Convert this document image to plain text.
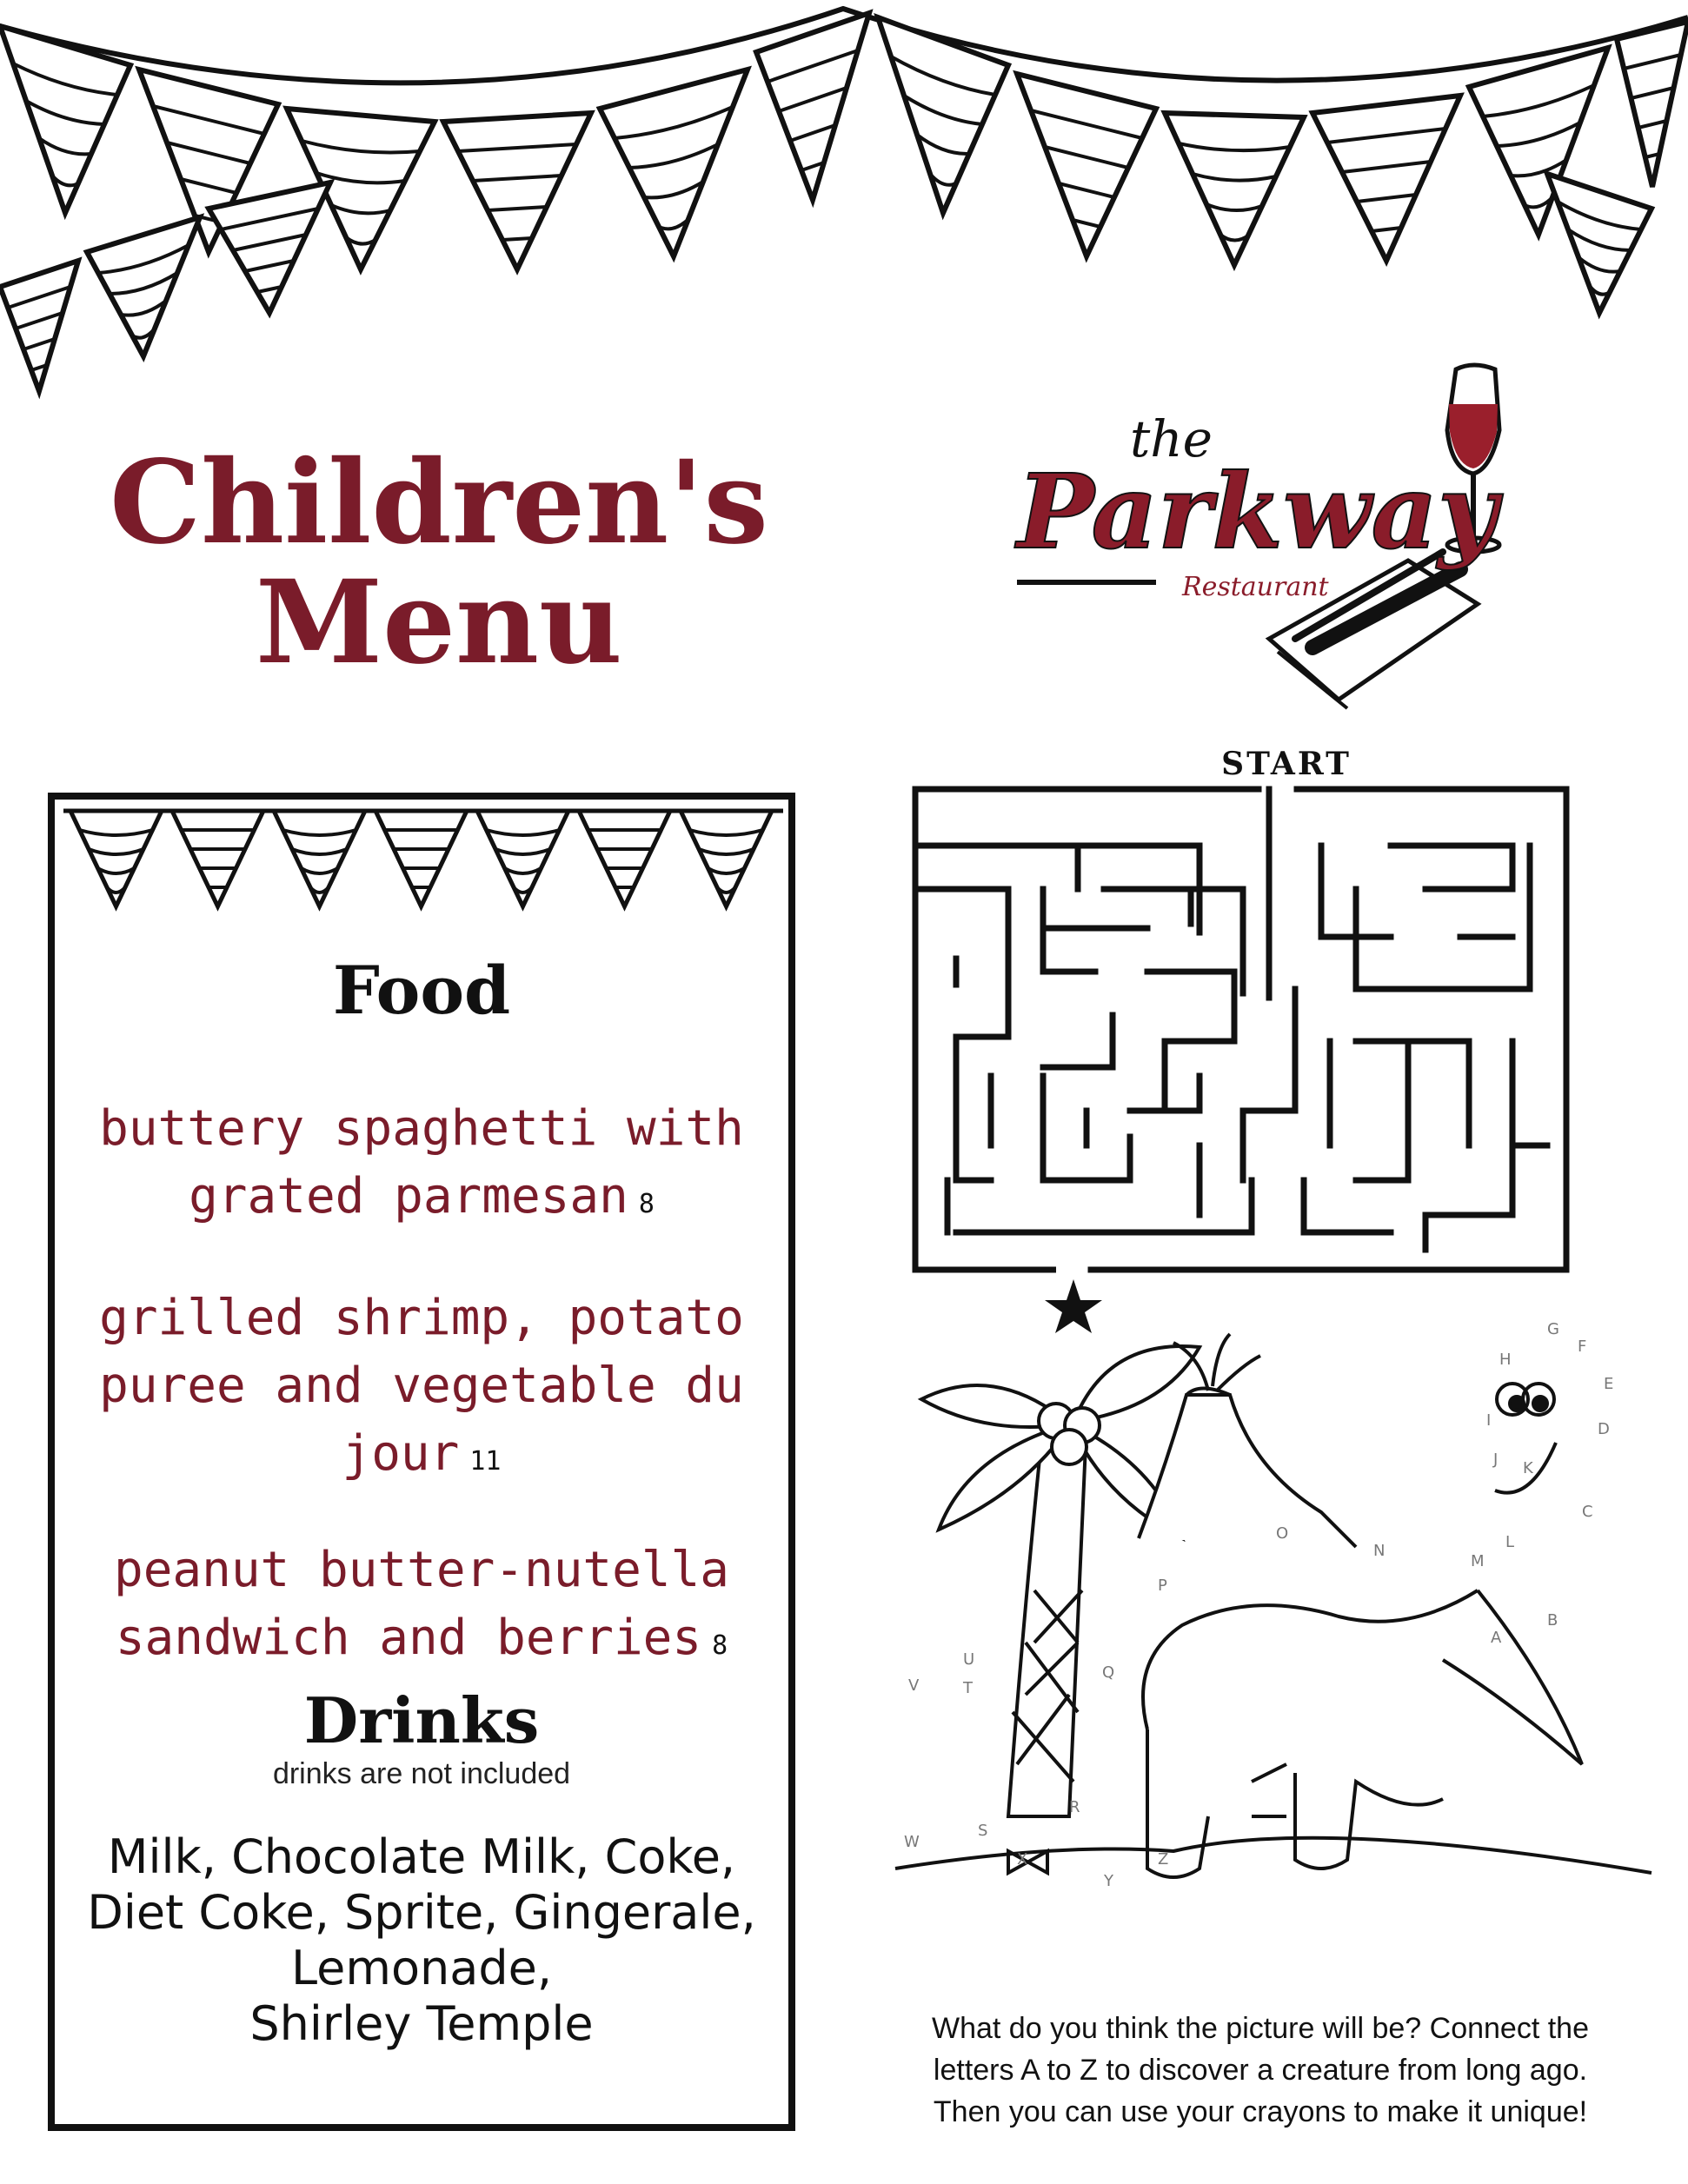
Children's
Menu
the
Parkway
Restaurant
Food
buttery spaghetti with
grated parmesan 8
grilled shrimp, potato
puree and vegetable du
jour 11
peanut butter-nutella
sandwich and berries 8
Drinks
drinks are not included
Milk, Chocolate Milk, Coke,
Diet Coke, Sprite, Gingerale,
Lemonade,
Shirley Temple
START
A
B
C
D
E
F
G
H
I
J K
L
M
N
O
P
Q
R
S
T
U
V
W
X
Y
Z
What do you think the picture will be? Connect the
letters A to Z to discover a creature from long ago.
Then you can use your crayons to make it unique!
